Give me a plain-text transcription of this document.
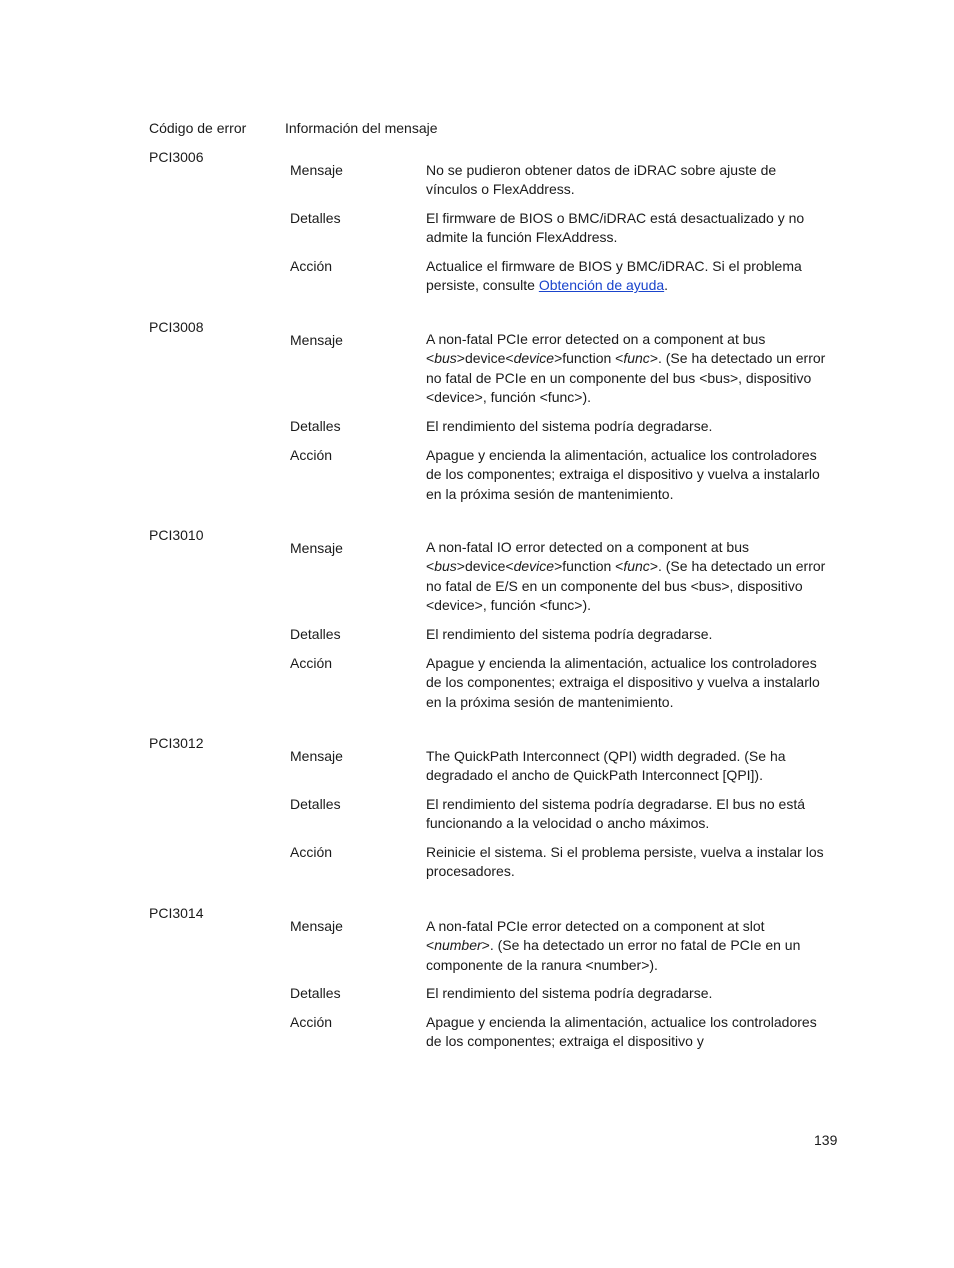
Código de error	Información del mensaje
PCI3006
Mensaje	No se pudieron obtener datos de iDRAC sobre ajuste de vínculos o FlexAddress.
Detalles	El firmware de BIOS o BMC/iDRAC está desactualizado y no admite la función FlexAddress.
Acción	Actualice el firmware de BIOS y BMC/iDRAC. Si el problema persiste, consulte Obtención de ayuda.
PCI3008
Mensaje	A non-fatal PCIe error detected on a component at bus <bus>device<device>function <func>. (Se ha detectado un error no fatal de PCIe en un componente del bus <bus>, dispositivo <device>, función <func>).
Detalles	El rendimiento del sistema podría degradarse.
Acción	Apague y encienda la alimentación, actualice los controladores de los componentes; extraiga el dispositivo y vuelva a instalarlo en la próxima sesión de mantenimiento.
PCI3010
Mensaje	A non-fatal IO error detected on a component at bus <bus>device<device>function <func>. (Se ha detectado un error no fatal de E/S en un componente del bus <bus>, dispositivo <device>, función <func>).
Detalles	El rendimiento del sistema podría degradarse.
Acción	Apague y encienda la alimentación, actualice los controladores de los componentes; extraiga el dispositivo y vuelva a instalarlo en la próxima sesión de mantenimiento.
PCI3012
Mensaje	The QuickPath Interconnect (QPI) width degraded. (Se ha degradado el ancho de QuickPath Interconnect [QPI]).
Detalles	El rendimiento del sistema podría degradarse. El bus no está funcionando a la velocidad o ancho máximos.
Acción	Reinicie el sistema. Si el problema persiste, vuelva a instalar los procesadores.
PCI3014
Mensaje	A non-fatal PCIe error detected on a component at slot <number>. (Se ha detectado un error no fatal de PCIe en un componente de la ranura <number>).
Detalles	El rendimiento del sistema podría degradarse.
Acción	Apague y encienda la alimentación, actualice los controladores de los componentes; extraiga el dispositivo y
139
